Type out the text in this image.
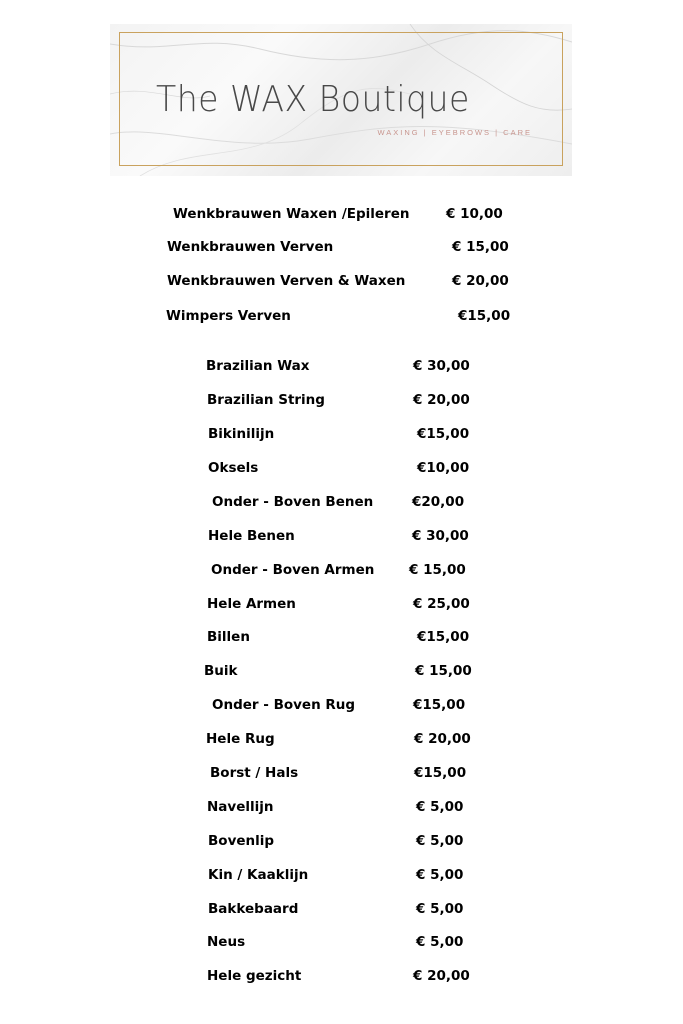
The WAX Boutique
WAXING | EYEBROWS | CARE
Wenkbrauwen Waxen /Epileren	€ 10,00
Wenkbrauwen Verven	€ 15,00
Wenkbrauwen Verven & Waxen	€ 20,00
Wimpers Verven	€15,00
Brazilian Wax	€ 30,00
Brazilian String	€ 20,00
Bikinilijn	€15,00
Oksels	€10,00
Onder - Boven Benen	€20,00
Hele Benen	€ 30,00
Onder - Boven Armen	€ 15,00
Hele Armen	€ 25,00
Billen	€15,00
Buik	€ 15,00
Onder - Boven Rug	€15,00
Hele Rug	€ 20,00
Borst / Hals	€15,00
Navellijn	€ 5,00
Bovenlip	€ 5,00
Kin / Kaaklijn	€ 5,00
Bakkebaard	€ 5,00
Neus	€ 5,00
Hele gezicht	€ 20,00
